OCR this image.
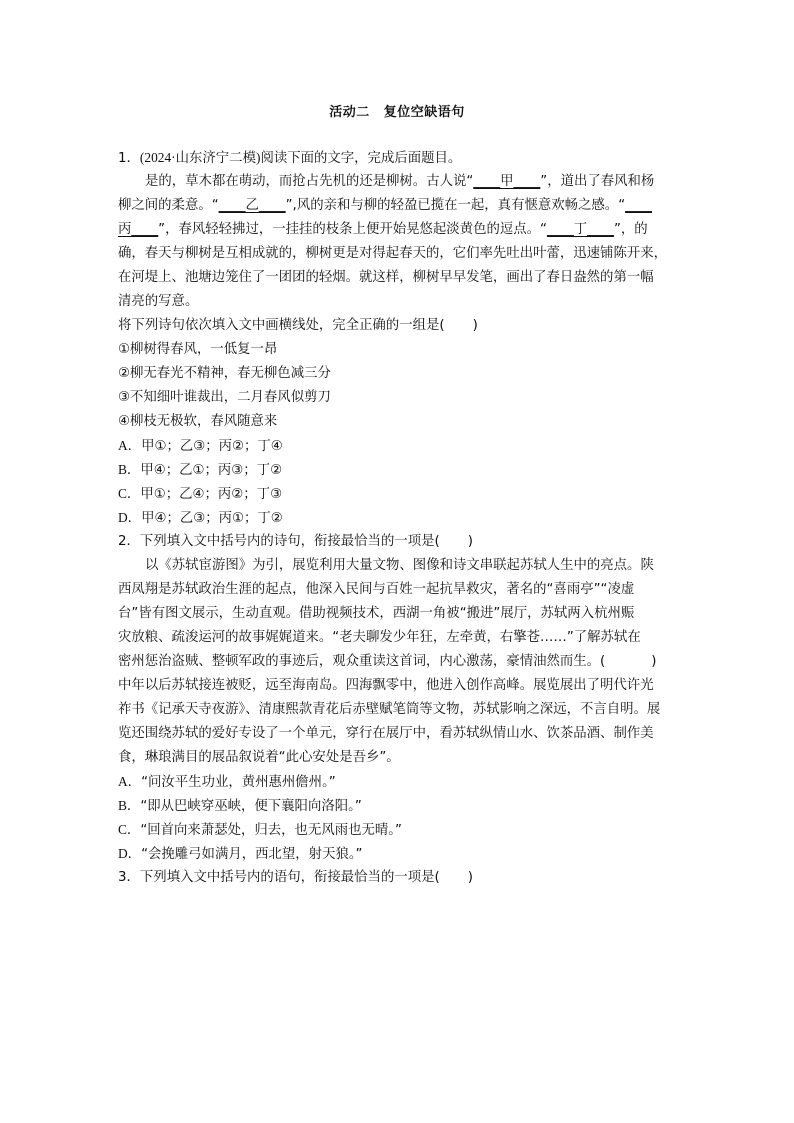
活动二 复位空缺语句
1．(2024·山东济宁二模)阅读下面的文字，完成后面题目。
是的，草木都在萌动，而抢占先机的还是柳树。古人说“____甲____”，道出了春风和杨
柳之间的柔意。“____乙____”,风的亲和与柳的轻盈已揽在一起，真有惬意欢畅之感。“____
丙____”，春风轻轻拂过，一挂挂的枝条上便开始晃悠起淡黄色的逗点。“____丁____”，的
确，春天与柳树是互相成就的，柳树更是对得起春天的，它们率先吐出叶蕾，迅速铺陈开来，
在河堤上、池塘边笼住了一团团的轻烟。就这样，柳树早早发笔，画出了春日盎然的第一幅
清亮的写意。
将下列诗句依次填入文中画横线处，完全正确的一组是( )
①柳树得春风，一低复一昂
②柳无春光不精神，春无柳色减三分
③不知细叶谁裁出，二月春风似剪刀
④柳枝无极软，春风随意来
A．甲①；乙③；丙②；丁④
B．甲④；乙①；丙③；丁②
C．甲①；乙④；丙②；丁③
D．甲④；乙③；丙①；丁②
2．下列填入文中括号内的诗句，衔接最恰当的一项是( )
以《苏轼宦游图》为引，展览利用大量文物、图像和诗文串联起苏轼人生中的亮点。陕
西凤翔是苏轼政治生涯的起点，他深入民间与百姓一起抗旱救灾，著名的“喜雨亭”“凌虚
台”皆有图文展示，生动直观。借助视频技术，西湖一角被“搬进”展厅，苏轼两入杭州赈
灾放粮、疏浚运河的故事娓娓道来。“老夫聊发少年狂，左牵黄，右擎苍……”了解苏轼在
密州惩治盗贼、整顿军政的事迹后，观众重读这首词，内心激荡，豪情油然而生。(	)
中年以后苏轼接连被贬，远至海南岛。四海飘零中，他进入创作高峰。展览展出了明代许光
祚书《记承天寺夜游》、清康熙款青花后赤壁赋笔筒等文物，苏轼影响之深远，不言自明。展
览还围绕苏轼的爱好专设了一个单元，穿行在展厅中，看苏轼纵情山水、饮茶品酒、制作美
食，琳琅满目的展品叙说着“此心安处是吾乡”。
A．“问汝平生功业，黄州惠州儋州。”
B．“即从巴峡穿巫峡，便下襄阳向洛阳。”
C．“回首向来萧瑟处，归去，也无风雨也无晴。”
D．“会挽雕弓如满月，西北望，射天狼。”
3．下列填入文中括号内的语句，衔接最恰当的一项是( )
